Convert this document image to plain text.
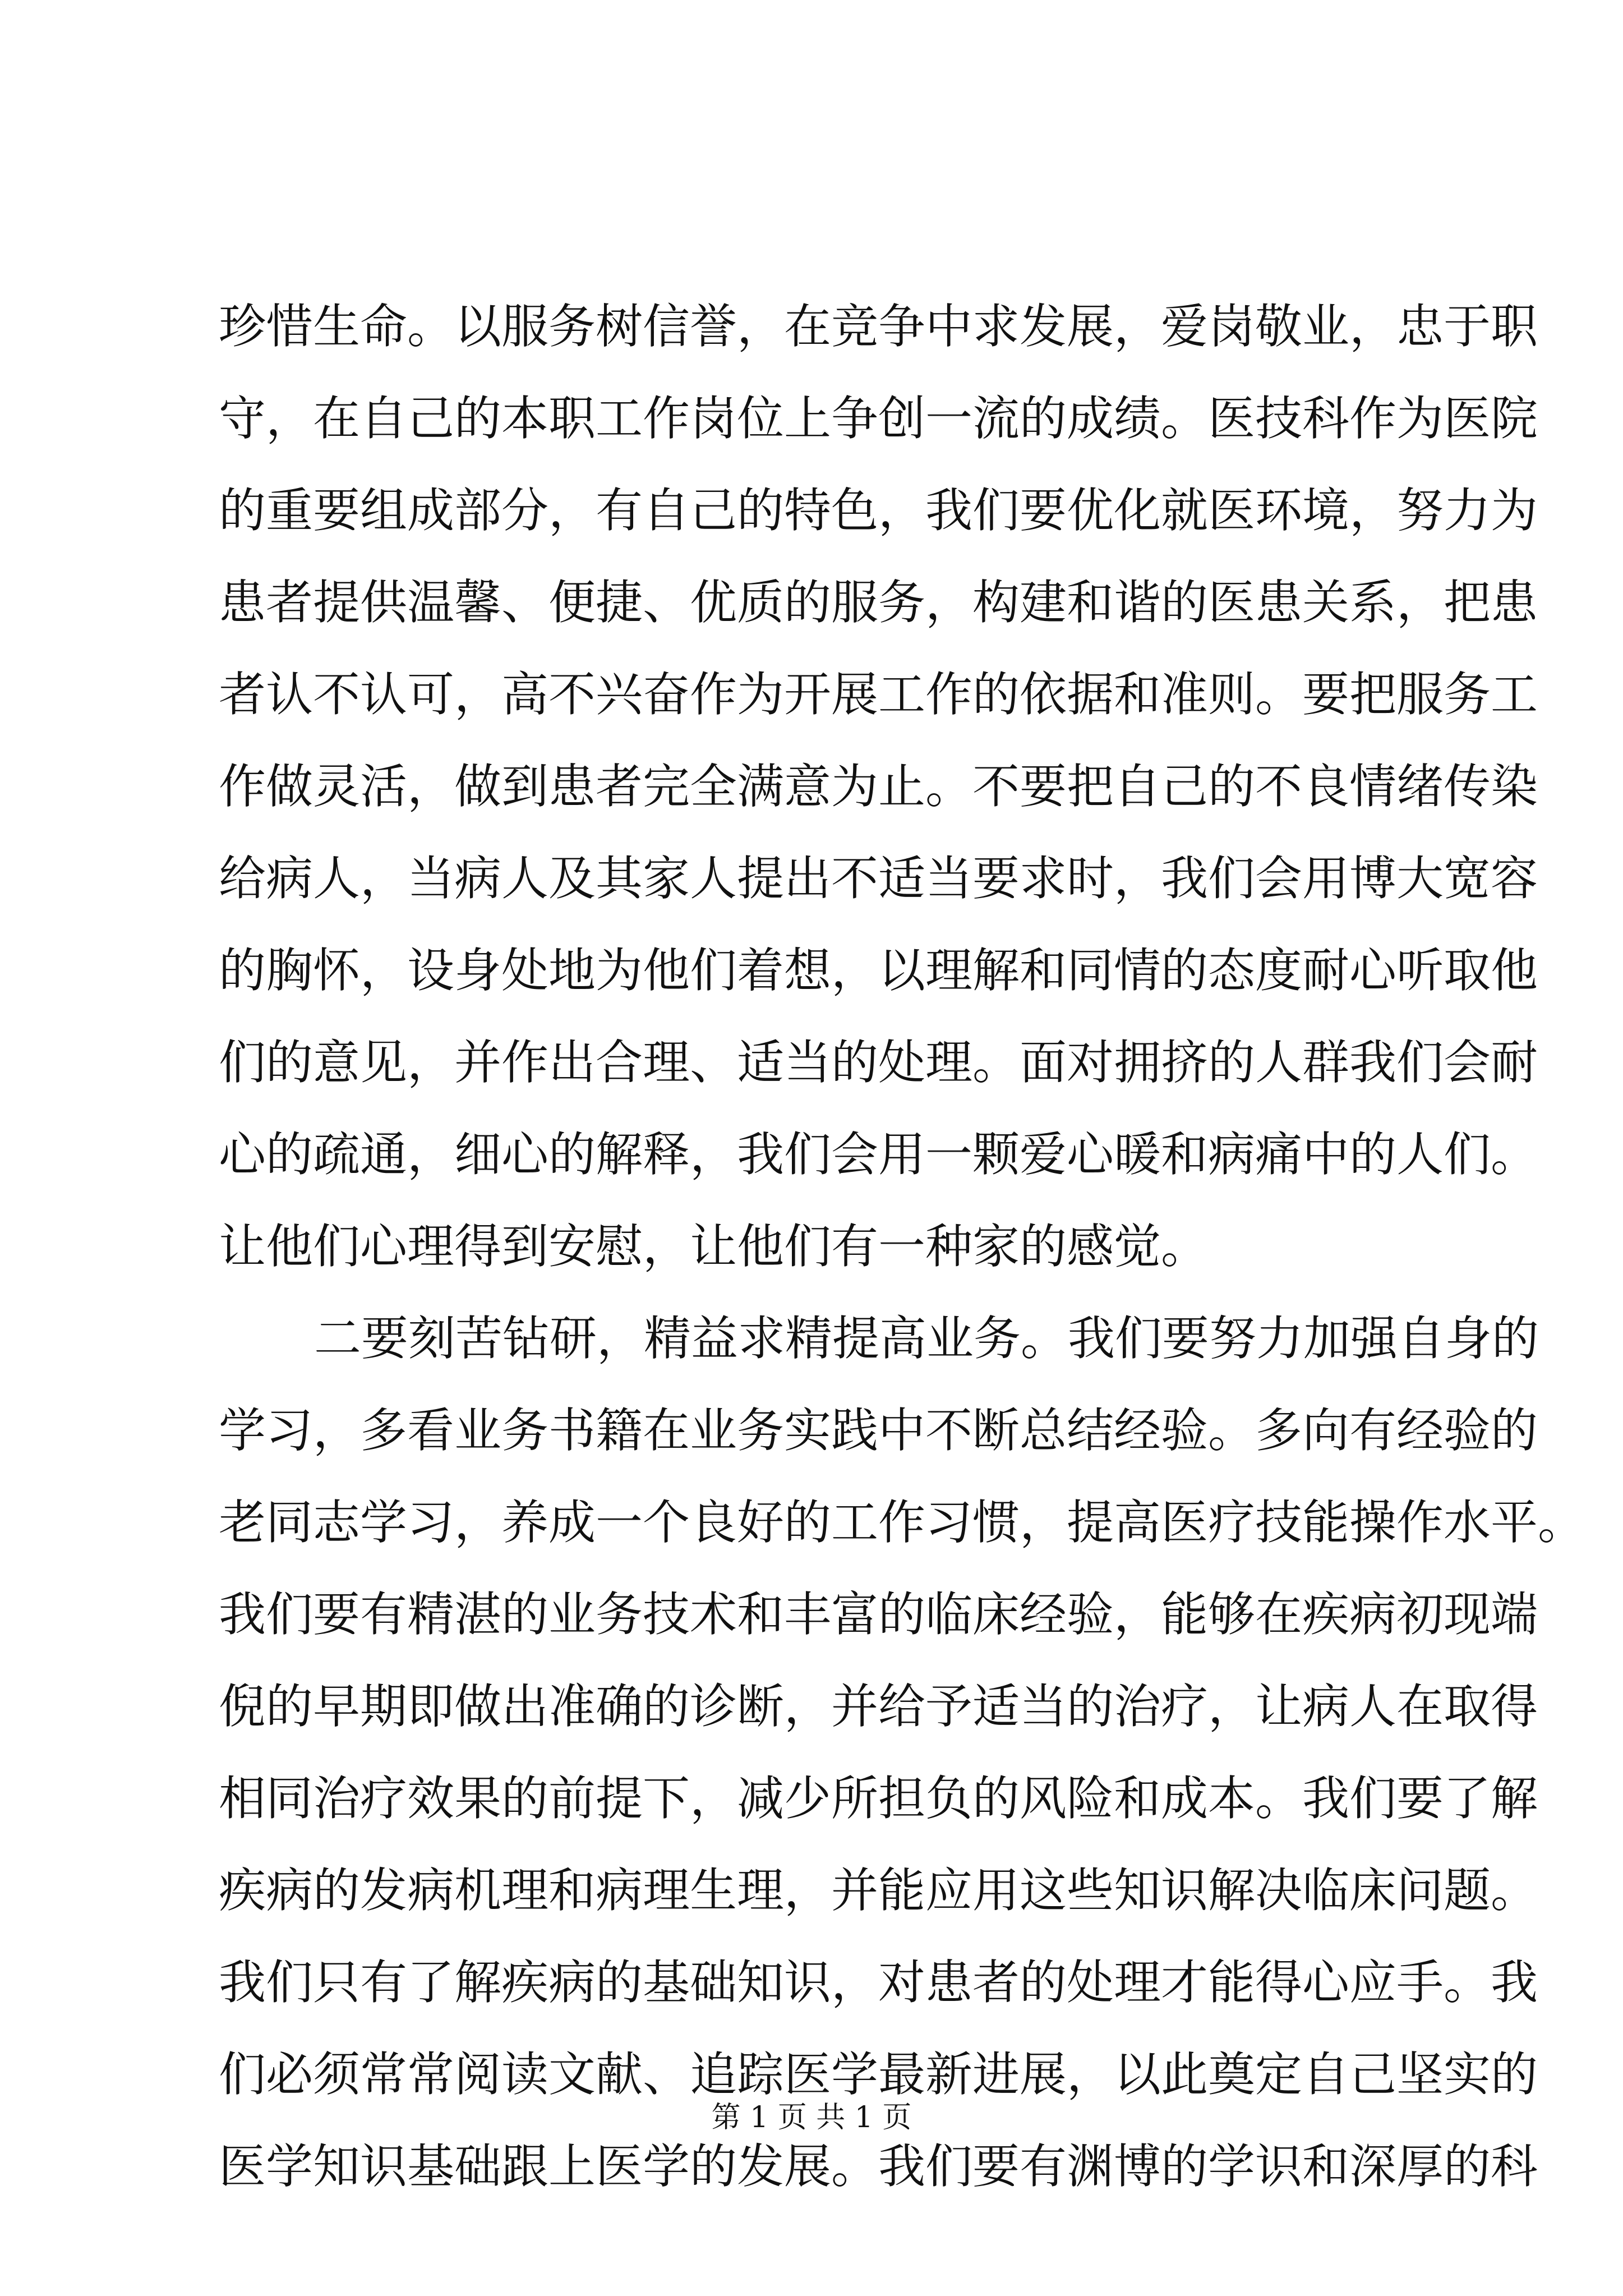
珍惜生命。以服务树信誉，在竞争中求发展，爱岗敬业，忠于职
守，在自己的本职工作岗位上争创一流的成绩。医技科作为医院
的重要组成部分，有自己的特色，我们要优化就医环境，努力为
患者提供温馨、便捷、优质的服务，构建和谐的医患关系，把患
者认不认可，高不兴奋作为开展工作的依据和准则。要把服务工
作做灵活，做到患者完全满意为止。不要把自己的不良情绪传染
给病人，当病人及其家人提出不适当要求时，我们会用博大宽容
的胸怀，设身处地为他们着想，以理解和同情的态度耐心听取他
们的意见，并作出合理、适当的处理。面对拥挤的人群我们会耐
心的疏通，细心的解释，我们会用一颗爱心暖和病痛中的人们。
让他们心理得到安慰，让他们有一种家的感觉。
二要刻苦钻研，精益求精提高业务。我们要努力加强自身的
学习，多看业务书籍在业务实践中不断总结经验。多向有经验的
老同志学习，养成一个良好的工作习惯，提高医疗技能操作水平。
我们要有精湛的业务技术和丰富的临床经验，能够在疾病初现端
倪的早期即做出准确的诊断，并给予适当的治疗，让病人在取得
相同治疗效果的前提下，减少所担负的风险和成本。我们要了解
疾病的发病机理和病理生理，并能应用这些知识解决临床问题。
我们只有了解疾病的基础知识，对患者的处理才能得心应手。我
们必须常常阅读文献、追踪医学最新进展，以此奠定自己坚实的
医学知识基础跟上医学的发展。我们要有渊博的学识和深厚的科
第 1 页 共 1 页
